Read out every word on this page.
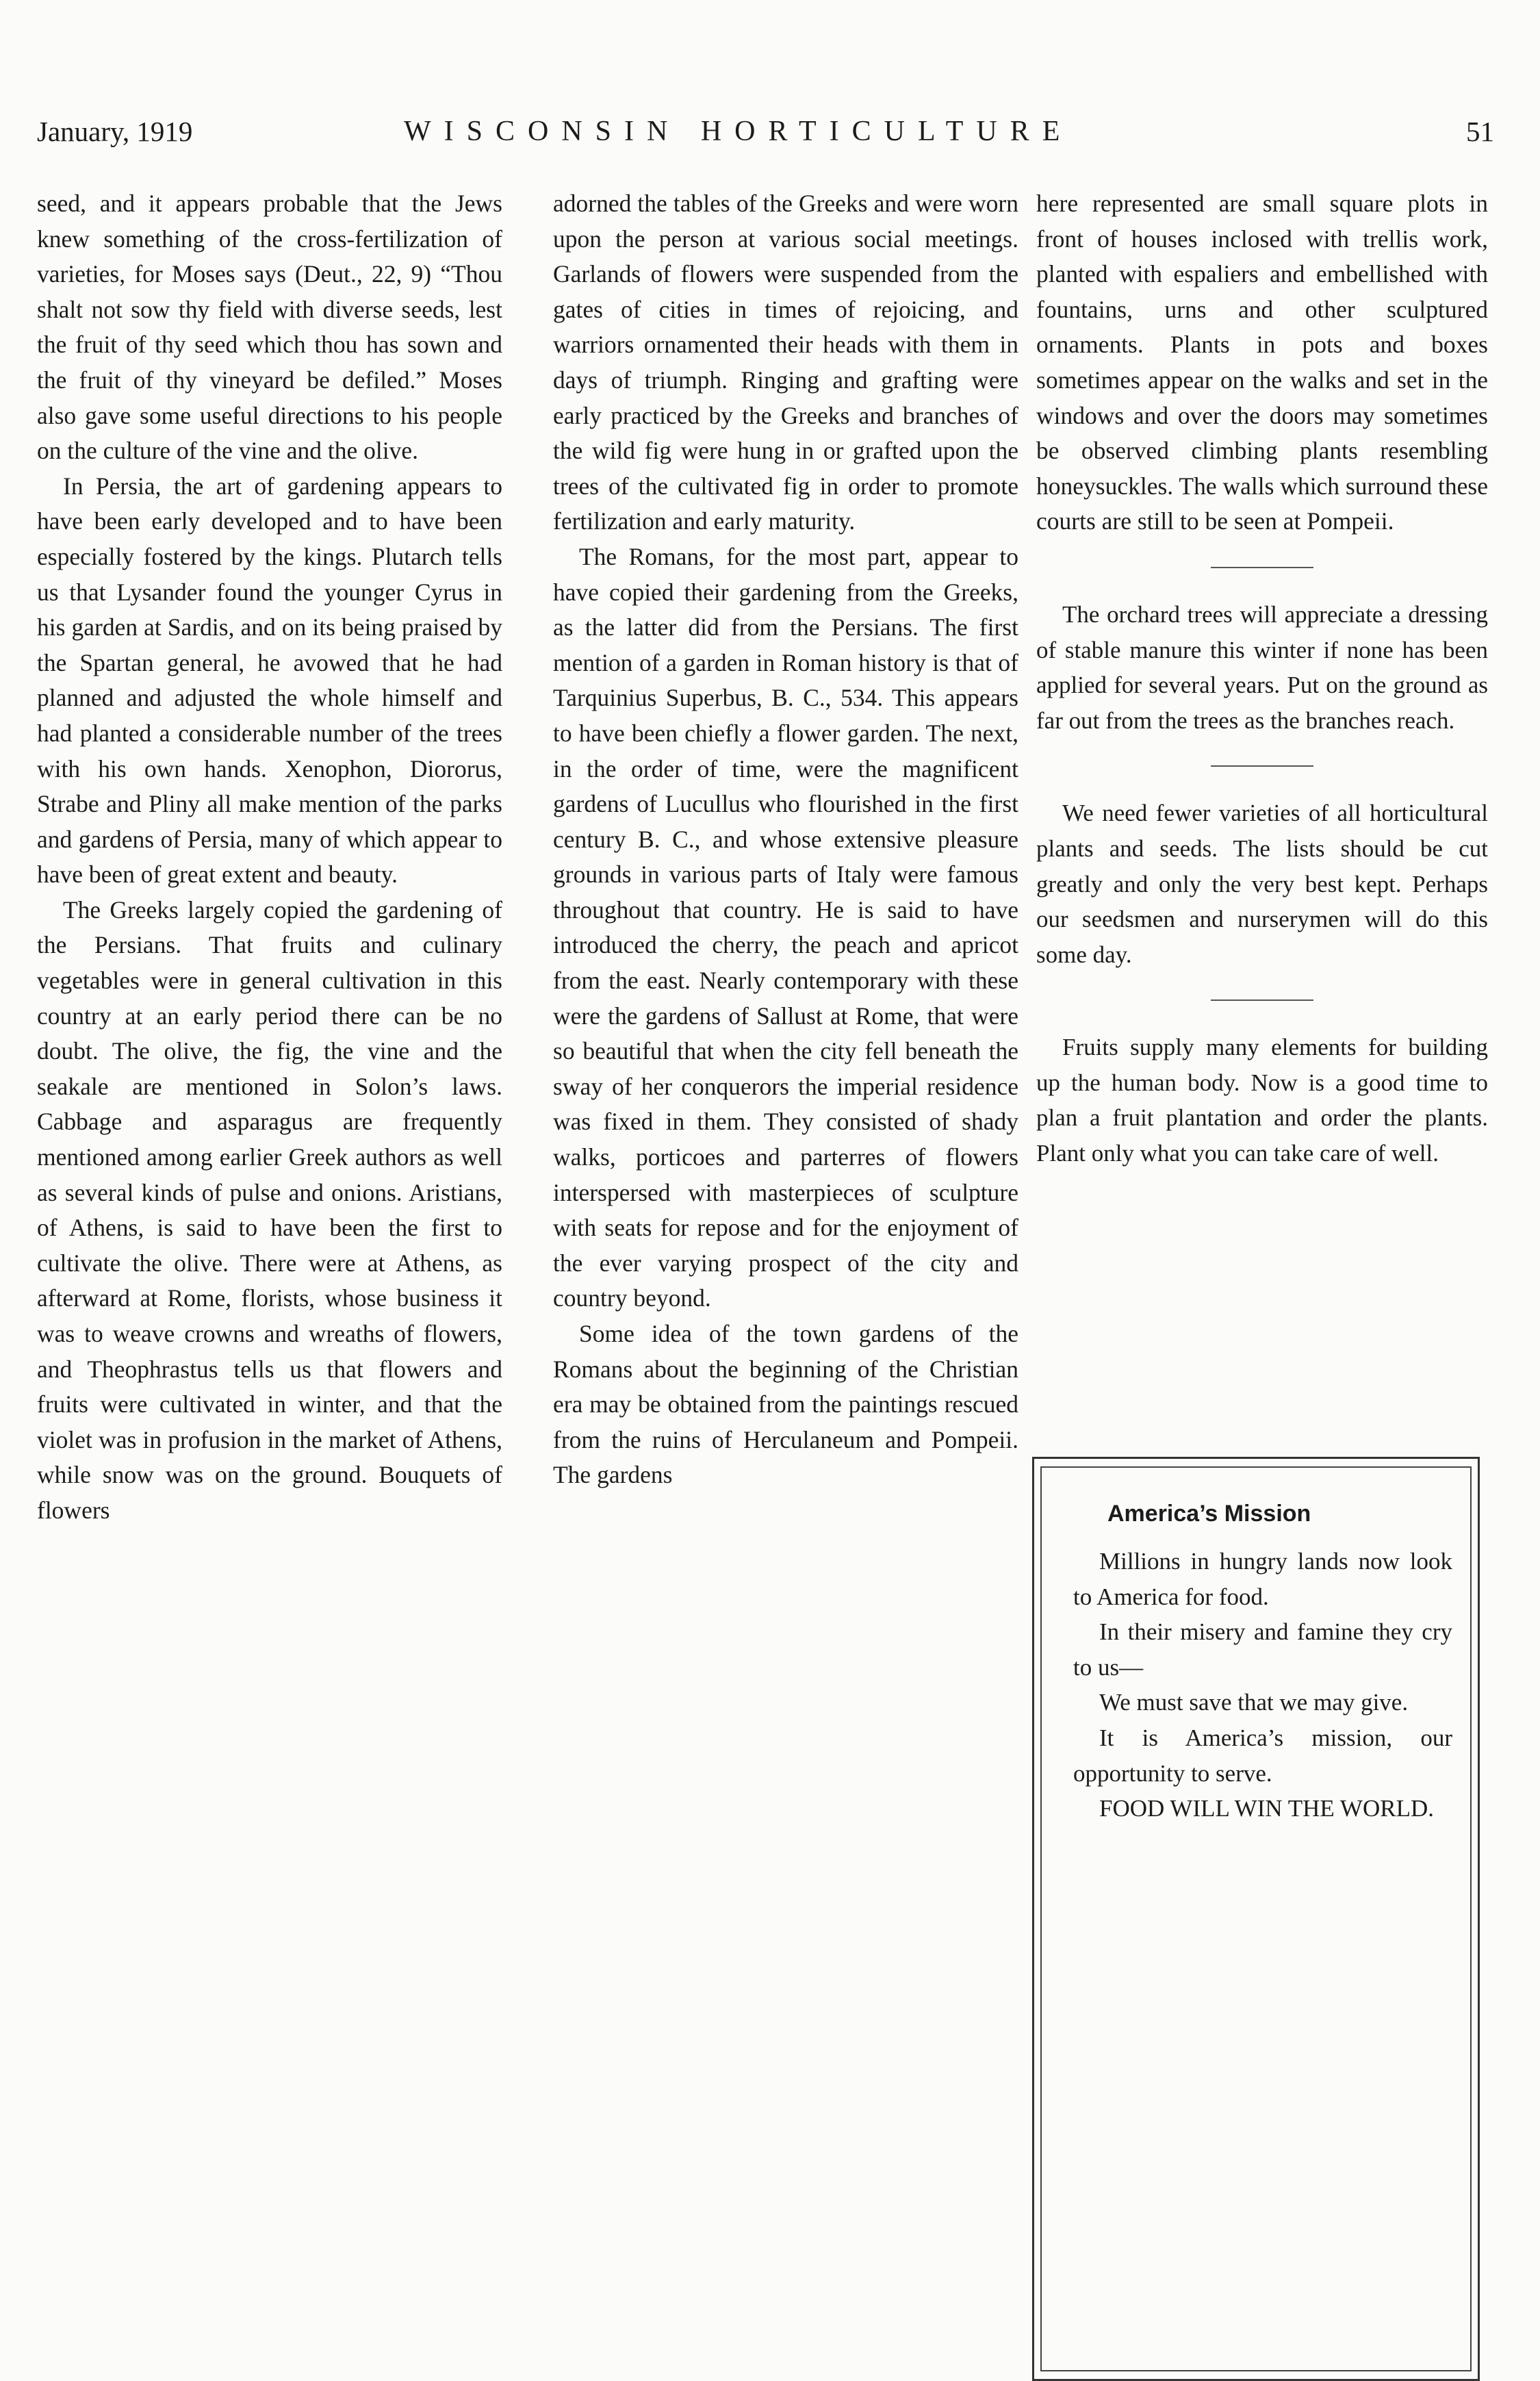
January, 1919	WISCONSIN HORTICULTURE	51

seed, and it appears probable that the Jews knew something of the cross-fertilization of varieties, for Moses says (Deut., 22, 9) “Thou shalt not sow thy field with diverse seeds, lest the fruit of thy seed which thou has sown and the fruit of thy vineyard be defiled.” Moses also gave some useful directions to his people on the culture of the vine and the olive.

In Persia, the art of gardening appears to have been early developed and to have been especially fostered by the kings. Plutarch tells us that Lysander found the younger Cyrus in his garden at Sardis, and on its being praised by the Spartan general, he avowed that he had planned and adjusted the whole himself and had planted a considerable number of the trees with his own hands. Xenophon, Diororus, Strabe and Pliny all make mention of the parks and gardens of Persia, many of which appear to have been of great extent and beauty.

The Greeks largely copied the gardening of the Persians. That fruits and culinary vegetables were in general cultivation in this country at an early period there can be no doubt. The olive, the fig, the vine and the seakale are mentioned in Solon’s laws. Cabbage and asparagus are frequently mentioned among earlier Greek authors as well as several kinds of pulse and onions. Aristians, of Athens, is said to have been the first to cultivate the olive. There were at Athens, as afterward at Rome, florists, whose business it was to weave crowns and wreaths of flowers, and Theophrastus tells us that flowers and fruits were cultivated in winter, and that the violet was in profusion in the market of Athens, while snow was on the ground. Bouquets of flowers

adorned the tables of the Greeks and were worn upon the person at various social meetings. Garlands of flowers were suspended from the gates of cities in times of rejoicing, and warriors ornamented their heads with them in days of triumph. Ringing and grafting were early practiced by the Greeks and branches of the wild fig were hung in or grafted upon the trees of the cultivated fig in order to promote fertilization and early maturity.

The Romans, for the most part, appear to have copied their gardening from the Greeks, as the latter did from the Persians. The first mention of a garden in Roman history is that of Tarquinius Superbus, B. C., 534. This appears to have been chiefly a flower garden. The next, in the order of time, were the magnificent gardens of Lucullus who flourished in the first century B. C., and whose extensive pleasure grounds in various parts of Italy were famous throughout that country. He is said to have introduced the cherry, the peach and apricot from the east. Nearly contemporary with these were the gardens of Sallust at Rome, that were so beautiful that when the city fell beneath the sway of her conquerors the imperial residence was fixed in them. They consisted of shady walks, porticoes and parterres of flowers interspersed with masterpieces of sculpture with seats for repose and for the enjoyment of the ever varying prospect of the city and country beyond.

Some idea of the town gardens of the Romans about the beginning of the Christian era may be obtained from the paintings rescued from the ruins of Herculaneum and Pompeii. The gardens

here represented are small square plots in front of houses inclosed with trellis work, planted with espaliers and embellished with fountains, urns and other sculptured ornaments. Plants in pots and boxes sometimes appear on the walks and set in the windows and over the doors may sometimes be observed climbing plants resembling honeysuckles. The walls which surround these courts are still to be seen at Pompeii.

The orchard trees will appreciate a dressing of stable manure this winter if none has been applied for several years. Put on the ground as far out from the trees as the branches reach.

We need fewer varieties of all horticultural plants and seeds. The lists should be cut greatly and only the very best kept. Perhaps our seedsmen and nurserymen will do this some day.

Fruits supply many elements for building up the human body. Now is a good time to plan a fruit plantation and order the plants. Plant only what you can take care of well.

America’s Mission

Millions in hungry lands now look to America for food.

In their misery and famine they cry to us—

We must save that we may give.

It is America’s mission, our opportunity to serve.

FOOD WILL WIN THE WORLD.
